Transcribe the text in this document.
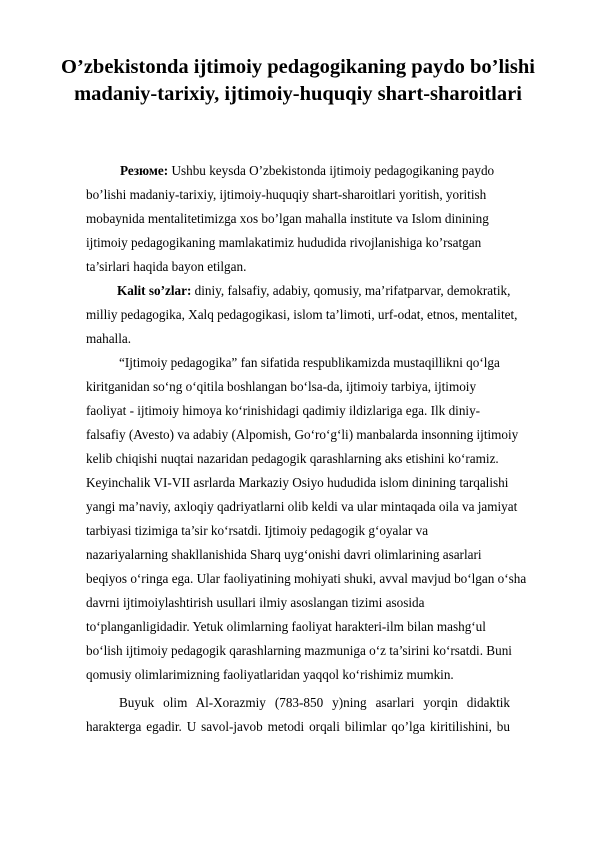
O’zbekistonda ijtimoiy pedagogikaning paydo bo’lishi
madaniy-tarixiy, ijtimoiy-huquqiy shart-sharoitlari
Резюме: Ushbu keysda O’zbekistonda ijtimoiy pedagogikaning paydo
bo’lishi madaniy-tarixiy, ijtimoiy-huquqiy shart-sharoitlari yoritish, yoritish
mobaynida mentalitetimizga xos bo’lgan mahalla institute va Islom dinining
ijtimoiy pedagogikaning mamlakatimiz hududida rivojlanishiga ko’rsatgan
ta’sirlari haqida bayon etilgan.
Kalit so’zlar: diniy, falsafiy, adabiy, qomusiy, ma’rifatparvar, demokratik,
milliy pedagogika, Xalq pedagogikasi, islom ta’limoti, urf-odat, etnos, mentalitet,
mahalla.
“Ijtimoiy pedagogika” fan sifatida respublikamizda mustaqillikni qo‘lga
kiritganidan so‘ng o‘qitila boshlangan bo‘lsa-da, ijtimoiy tarbiya, ijtimoiy
faoliyat - ijtimoiy himoya ko‘rinishidagi qadimiy ildizlariga ega. Ilk diniy-
falsafiy (Avesto) va adabiy (Alpomish, Go‘ro‘g‘li) manbalarda insonning ijtimoiy
kelib chiqishi nuqtai nazaridan pedagogik qarashlarning aks etishini ko‘ramiz.
Keyinchalik VI-VII asrlarda Markaziy Osiyo hududida islom dinining tarqalishi
yangi ma’naviy, axloqiy qadriyatlarni olib keldi va ular mintaqada oila va jamiyat
tarbiyasi tizimiga ta’sir ko‘rsatdi. Ijtimoiy pedagogik g‘oyalar va
nazariyalarning shakllanishida Sharq uyg‘onishi davri olimlarining asarlari
beqiyos o‘ringa ega. Ular faoliyatining mohiyati shuki, avval mavjud bo‘lgan o‘sha
davrni ijtimoiylashtirish usullari ilmiy asoslangan tizimi asosida
to‘planganligidadir. Yetuk olimlarning faoliyat harakteri-ilm bilan mashg‘ul
bo‘lish ijtimoiy pedagogik qarashlarning mazmuniga o‘z ta’sirini ko‘rsatdi. Buni
qomusiy olimlarimizning faoliyatlaridan yaqqol ko‘rishimiz mumkin.
Buyuk olim Al-Xorazmiy (783-850 y)ning asarlari yorqin didaktik
harakterga egadir. U savol-javob metodi orqali bilimlar qo’lga kiritilishini, bu
